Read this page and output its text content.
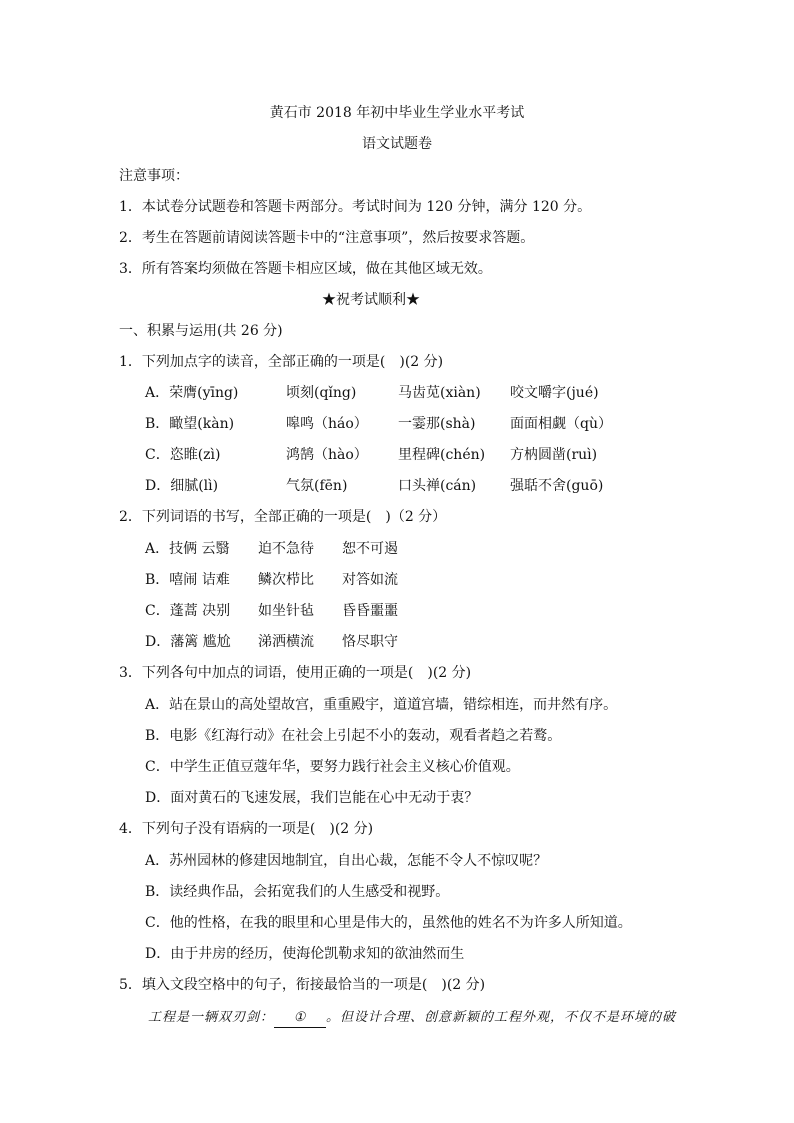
黄石市 2018 年初中毕业生学业水平考试
语文试题卷
注意事项：
1．本试卷分试题卷和答题卡两部分。考试时间为 120 分钟，满分 120 分。
2．考生在答题前请阅读答题卡中的“注意事项”，然后按要求答题。
3．所有答案均须做在答题卡相应区域，做在其他区域无效。
★祝考试顺利★
一、积累与运用(共 26 分)
1．下列加点字的读音，全部正确的一项是(　)(2 分)
A．荣膺(yīng)	顷刻(qǐng)	马齿苋(xiàn) 咬文嚼字(jué)
B．瞰望(kàn)	嗥鸣（háo） 一霎那(shà) 面面相觑（qù）
C．恣睢(zì)	鸿鹄（hào） 里程碑(chén) 方枘圆凿(ruì)
D．细腻(lì)	气氛(fēn)	口头禅(cán) 强聒不舍(guō)
2．下列词语的书写，全部正确的一项是(　)（2 分）
A．技俩 云翳 迫不急待 恕不可遏
B．嘻闹 诘难 鳞次栉比 对答如流
C．蓬蒿 决别 如坐针毡 昏昏噩噩
D．藩篱 尴尬 涕洒横流 恪尽职守
3．下列各句中加点的词语，使用正确的一项是(　)(2 分)
A．站在景山的高处望故宫，重重殿宇，道道宫墙，错综相连，而井然有序。
B．电影《红海行动》在社会上引起不小的轰动，观看者趋之若鹜。
C．中学生正值豆蔻年华，要努力践行社会主义核心价值观。
D．面对黄石的飞速发展，我们岂能在心中无动于衷？
4．下列句子没有语病的一项是(　)(2 分)
A．苏州园林的修建因地制宜，自出心裁，怎能不令人不惊叹呢？
B．读经典作品，会拓宽我们的人生感受和视野。
C．他的性格，在我的眼里和心里是伟大的，虽然他的姓名不为许多人所知道。
D．由于井房的经历，使海伦凯勒求知的欲油然而生
5．填入文段空格中的句子，衔接最恰当的一项是(　)(2 分)
工程是一辆双刃剑： ① 。但设计合理、创意新颖的工程外观，不仅不是环境的破
